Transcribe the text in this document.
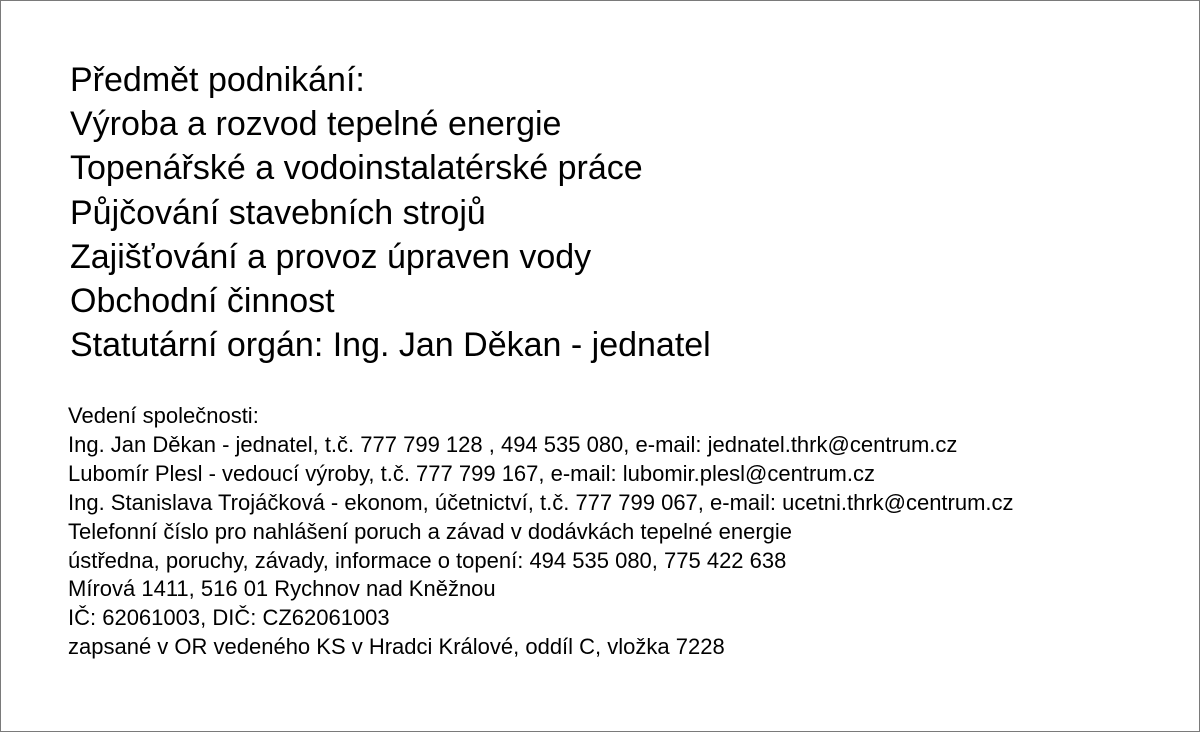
Předmět podnikání:

Výroba a rozvod tepelné energie

Topenářské a vodoinstalatérské práce

Půjčování stavebních strojů

Zajišťování a provoz úpraven vody

Obchodní činnost

Statutární orgán: Ing. Jan Děkan - jednatel

Vedení společnosti:

Ing. Jan Děkan - jednatel, t.č. 777 799 128 , 494 535 080, e-mail: jednatel.thrk@centrum.cz

Lubomír Plesl - vedoucí výroby, t.č. 777 799 167, e-mail: lubomir.plesl@centrum.cz

Ing. Stanislava Trojáčková - ekonom, účetnictví, t.č. 777 799 067, e-mail: ucetni.thrk@centrum.cz

Telefonní číslo pro nahlášení poruch a závad v dodávkách tepelné energie

ústředna, poruchy, závady, informace o topení: 494 535 080, 775 422 638

Mírová 1411, 516 01 Rychnov nad Kněžnou

IČ: 62061003, DIČ: CZ62061003

zapsané v OR vedeného KS v Hradci Králové, oddíl C, vložka 7228
